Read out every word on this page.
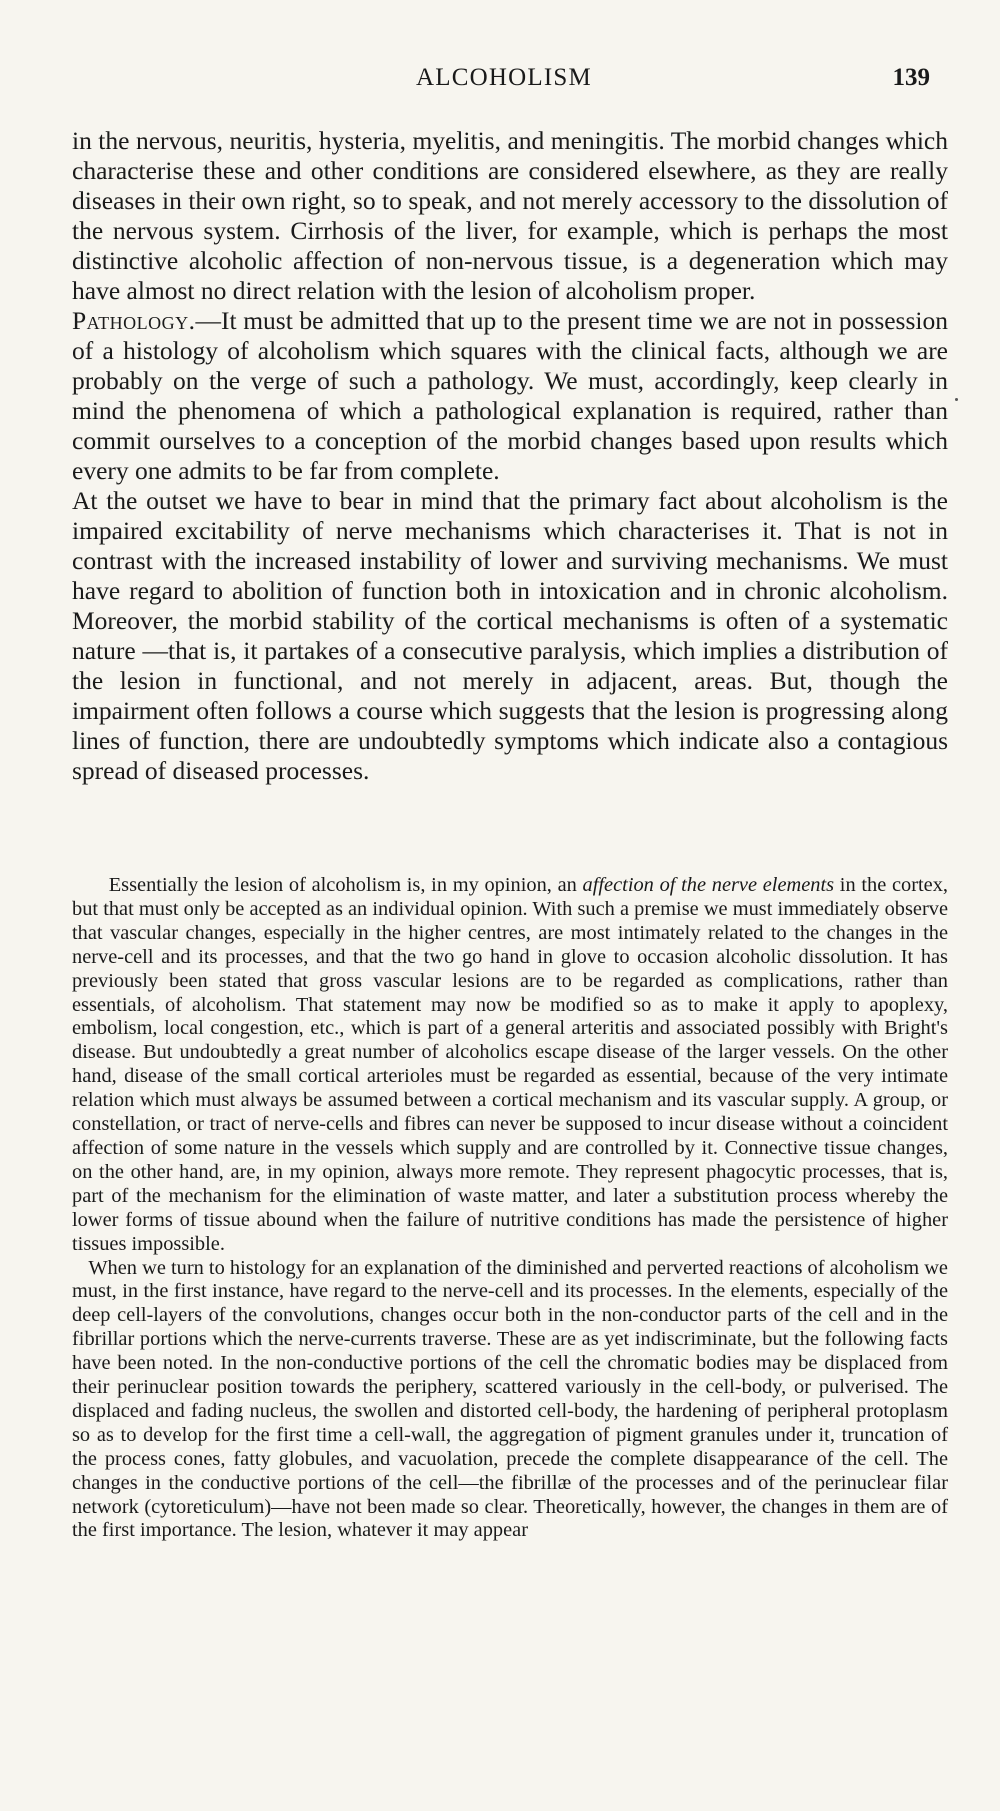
ALCOHOLISM	139

in the nervous, neuritis, hysteria, myelitis, and meningitis. The morbid changes which characterise these and other conditions are considered elsewhere, as they are really diseases in their own right, so to speak, and not merely accessory to the dissolution of the nervous system. Cirrhosis of the liver, for example, which is perhaps the most distinctive alcoholic affection of non-nervous tissue, is a degeneration which may have almost no direct relation with the lesion of alcoholism proper.

Pathology.—It must be admitted that up to the present time we are not in possession of a histology of alcoholism which squares with the clinical facts, although we are probably on the verge of such a pathology. We must, accordingly, keep clearly in mind the phenomena of which a pathological explanation is required, rather than commit ourselves to a conception of the morbid changes based upon results which every one admits to be far from complete.

At the outset we have to bear in mind that the primary fact about alcoholism is the impaired excitability of nerve mechanisms which characterises it. That is not in contrast with the increased instability of lower and surviving mechanisms. We must have regard to abolition of function both in intoxication and in chronic alcoholism. Moreover, the morbid stability of the cortical mechanisms is often of a systematic nature —that is, it partakes of a consecutive paralysis, which implies a distribution of the lesion in functional, and not merely in adjacent, areas. But, though the impairment often follows a course which suggests that the lesion is progressing along lines of function, there are undoubtedly symptoms which indicate also a contagious spread of diseased processes.

Essentially the lesion of alcoholism is, in my opinion, an affection of the nerve elements in the cortex, but that must only be accepted as an individual opinion. With such a premise we must immediately observe that vascular changes, especially in the higher centres, are most intimately related to the changes in the nerve-cell and its processes, and that the two go hand in glove to occasion alcoholic dissolution. It has previously been stated that gross vascular lesions are to be regarded as complications, rather than essentials, of alcoholism. That statement may now be modified so as to make it apply to apoplexy, embolism, local congestion, etc., which is part of a general arteritis and associated possibly with Bright's disease. But undoubtedly a great number of alcoholics escape disease of the larger vessels. On the other hand, disease of the small cortical arterioles must be regarded as essential, because of the very intimate relation which must always be assumed between a cortical mechanism and its vascular supply. A group, or constellation, or tract of nerve-cells and fibres can never be supposed to incur disease without a coincident affection of some nature in the vessels which supply and are controlled by it. Connective tissue changes, on the other hand, are, in my opinion, always more remote. They represent phagocytic processes, that is, part of the mechanism for the elimination of waste matter, and later a substitution process whereby the lower forms of tissue abound when the failure of nutritive conditions has made the persistence of higher tissues impossible.

When we turn to histology for an explanation of the diminished and perverted reactions of alcoholism we must, in the first instance, have regard to the nerve-cell and its processes. In the elements, especially of the deep cell-layers of the convolutions, changes occur both in the non-conductor parts of the cell and in the fibrillar portions which the nerve-currents traverse. These are as yet indiscriminate, but the following facts have been noted. In the non-conductive portions of the cell the chromatic bodies may be displaced from their perinuclear position towards the periphery, scattered variously in the cell-body, or pulverised. The displaced and fading nucleus, the swollen and distorted cell-body, the hardening of peripheral protoplasm so as to develop for the first time a cell-wall, the aggregation of pigment granules under it, truncation of the process cones, fatty globules, and vacuolation, precede the complete disappearance of the cell. The changes in the conductive portions of the cell—the fibrillæ of the processes and of the perinuclear filar network (cytoreticulum)—have not been made so clear. Theoretically, however, the changes in them are of the first importance. The lesion, whatever it may appear
